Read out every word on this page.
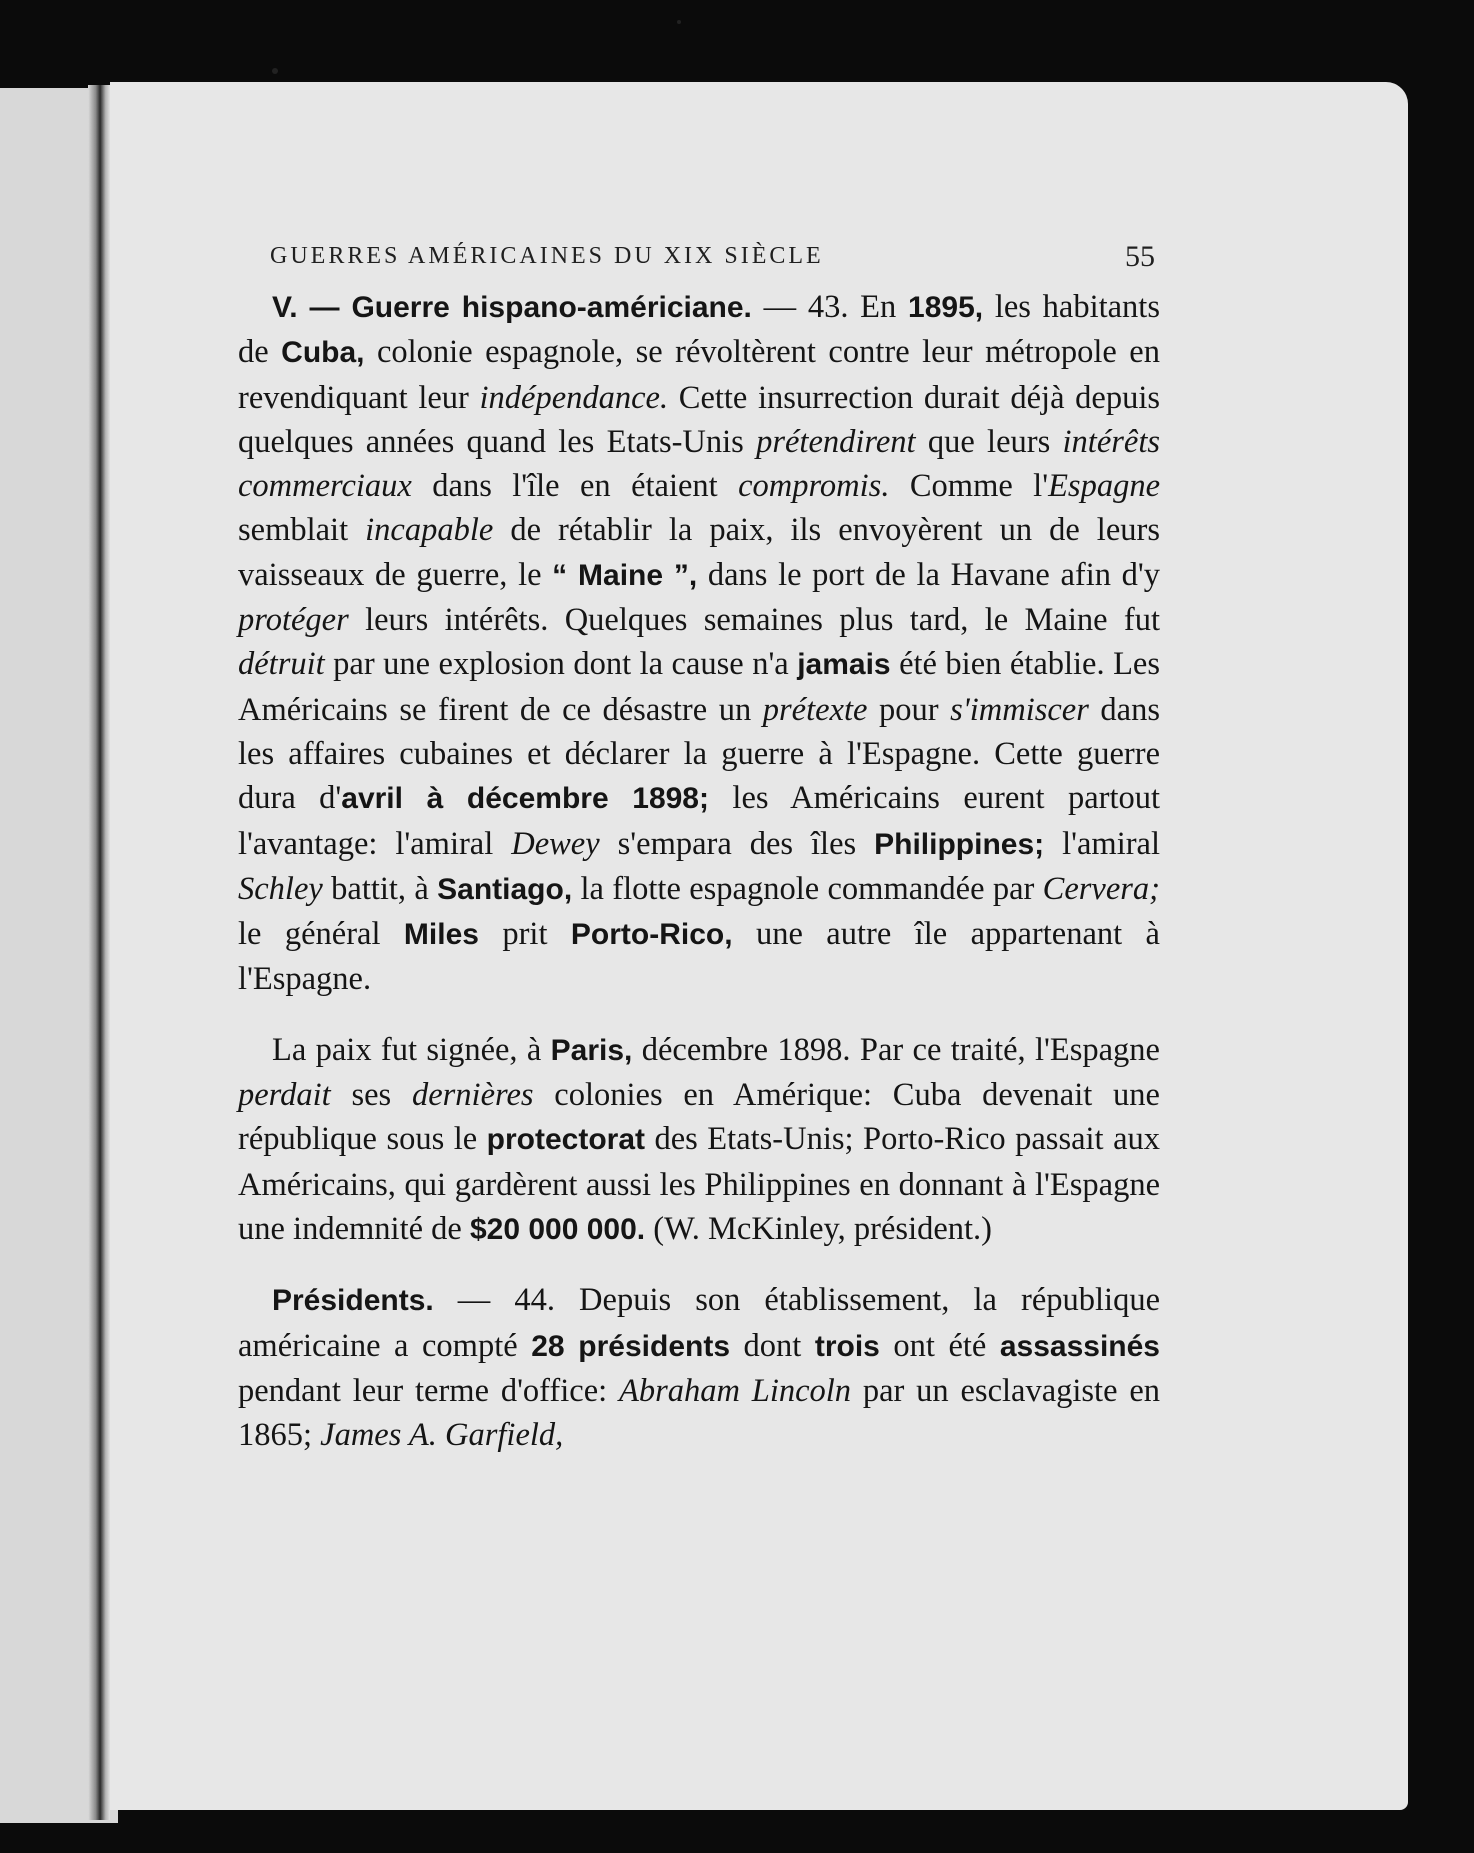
GUERRES AMÉRICAINES DU XIX SIÈCLE	55

V. — Guerre hispano-américiane. — 43. En 1895, les habitants de Cuba, colonie espagnole, se révoltèrent contre leur métropole en revendiquant leur indépendance. Cette insurrection durait déjà depuis quelques années quand les Etats-Unis prétendirent que leurs intérêts commerciaux dans l'île en étaient compromis. Comme l'Espagne semblait incapable de rétablir la paix, ils envoyèrent un de leurs vaisseaux de guerre, le “ Maine ”, dans le port de la Havane afin d'y protéger leurs intérêts. Quelques semaines plus tard, le Maine fut détruit par une explosion dont la cause n'a jamais été bien établie. Les Américains se firent de ce désastre un prétexte pour s'immiscer dans les affaires cubaines et déclarer la guerre à l'Espagne. Cette guerre dura d'avril à décembre 1898; les Américains eurent partout l'avantage: l'amiral Dewey s'empara des îles Philippines; l'amiral Schley battit, à Santiago, la flotte espagnole commandée par Cervera; le général Miles prit Porto-Rico, une autre île appartenant à l'Espagne.

La paix fut signée, à Paris, décembre 1898. Par ce traité, l'Espagne perdait ses dernières colonies en Amérique: Cuba devenait une république sous le protectorat des Etats-Unis; Porto-Rico passait aux Américains, qui gardèrent aussi les Philippines en donnant à l'Espagne une indemnité de $20 000 000. (W. McKinley, président.)

Présidents. — 44. Depuis son établissement, la république américaine a compté 28 présidents dont trois ont été assassinés pendant leur terme d'office: Abraham Lincoln par un esclavagiste en 1865; James A. Garfield,
